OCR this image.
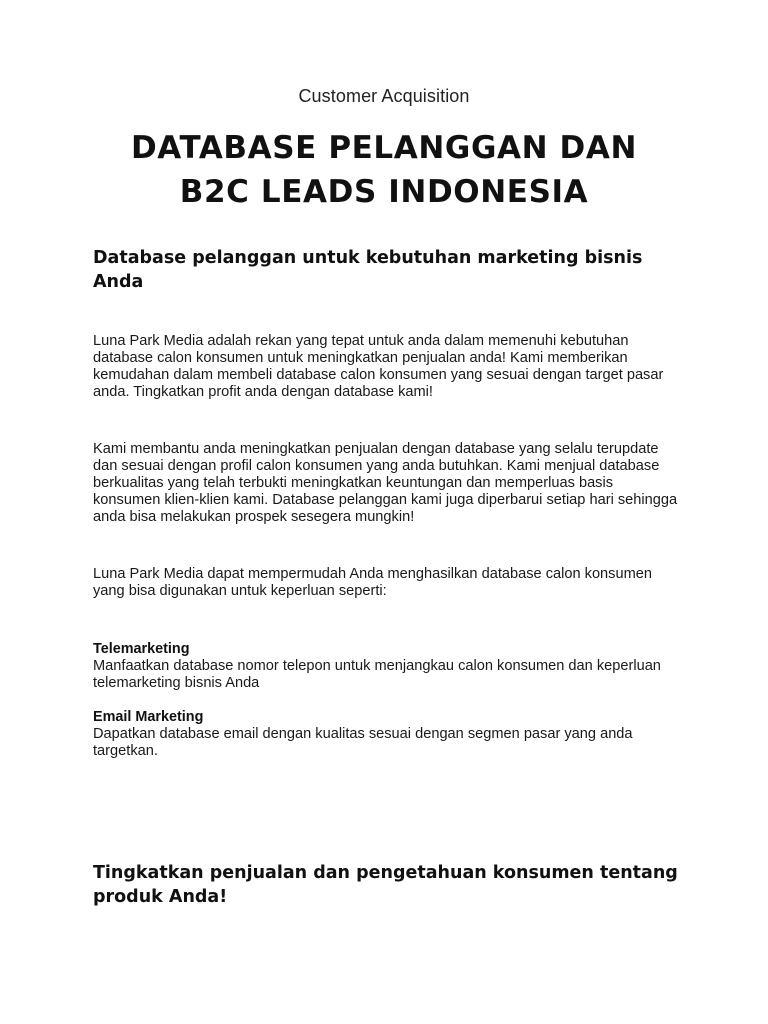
Customer Acquisition
DATABASE PELANGGAN DAN
B2C LEADS INDONESIA
Database pelanggan untuk kebutuhan marketing bisnis Anda

Luna Park Media adalah rekan yang tepat untuk anda dalam memenuhi kebutuhan database calon konsumen untuk meningkatkan penjualan anda! Kami memberikan kemudahan dalam membeli database calon konsumen yang sesuai dengan target pasar anda. Tingkatkan profit anda dengan database kami!

Kami membantu anda meningkatkan penjualan dengan database yang selalu terupdate dan sesuai dengan profil calon konsumen yang anda butuhkan. Kami menjual database berkualitas yang telah terbukti meningkatkan keuntungan dan memperluas basis konsumen klien-klien kami. Database pelanggan kami juga diperbarui setiap hari sehingga anda bisa melakukan prospek sesegera mungkin!

Luna Park Media dapat mempermudah Anda menghasilkan database calon konsumen yang bisa digunakan untuk keperluan seperti:

Telemarketing
Manfaatkan database nomor telepon untuk menjangkau calon konsumen dan keperluan telemarketing bisnis Anda
Email Marketing
Dapatkan database email dengan kualitas sesuai dengan segmen pasar yang anda targetkan.
Tingkatkan penjualan dan pengetahuan konsumen tentang produk Anda!
